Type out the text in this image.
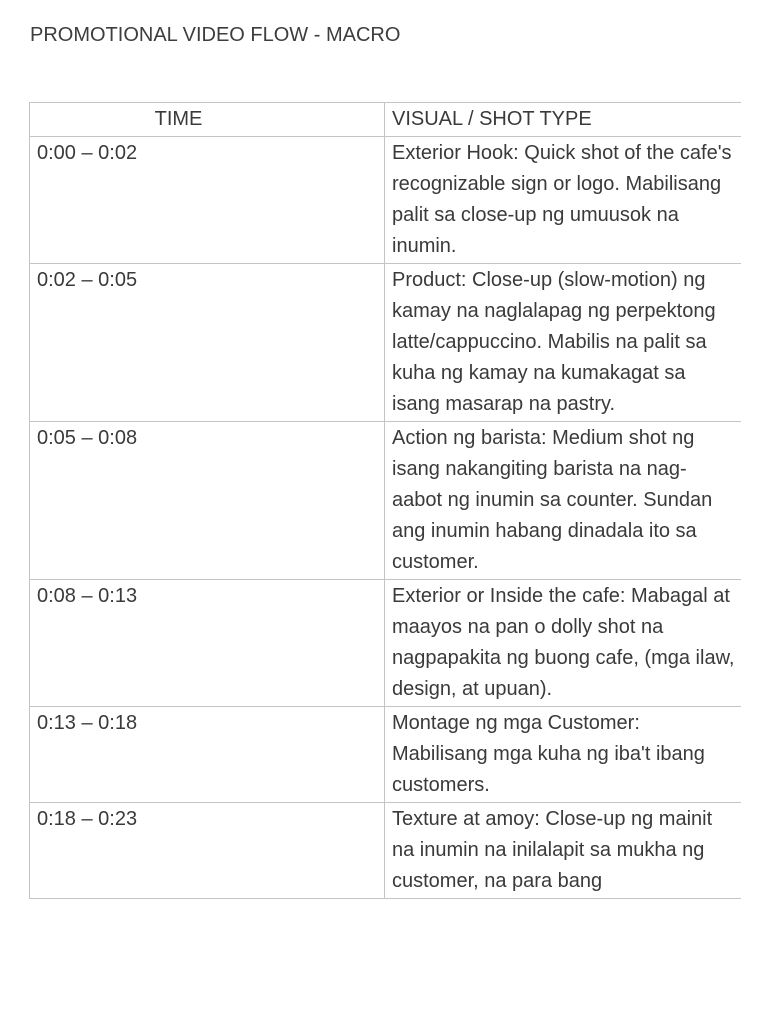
PROMOTIONAL VIDEO FLOW - MACRO
TIME	VISUAL / SHOT TYPE
0:00 – 0:02	Exterior Hook: Quick shot of the cafe's recognizable sign or logo. Mabilisang palit sa close-up ng umuusok na inumin.
0:02 – 0:05	Product: Close-up (slow-motion) ng kamay na naglalapag ng perpektong latte/cappuccino. Mabilis na palit sa kuha ng kamay na kumakagat sa isang masarap na pastry.
0:05 – 0:08	Action ng barista: Medium shot ng isang nakangiting barista na nag-aabot ng inumin sa counter. Sundan ang inumin habang dinadala ito sa customer.
0:08 – 0:13	Exterior or Inside the cafe: Mabagal at maayos na pan o dolly shot na nagpapakita ng buong cafe, (mga ilaw, design, at upuan).
0:13 – 0:18	Montage ng mga Customer: Mabilisang mga kuha ng iba't ibang customers.
0:18 – 0:23	Texture at amoy: Close-up ng mainit na inumin na inilalapit sa mukha ng customer, na para bang
